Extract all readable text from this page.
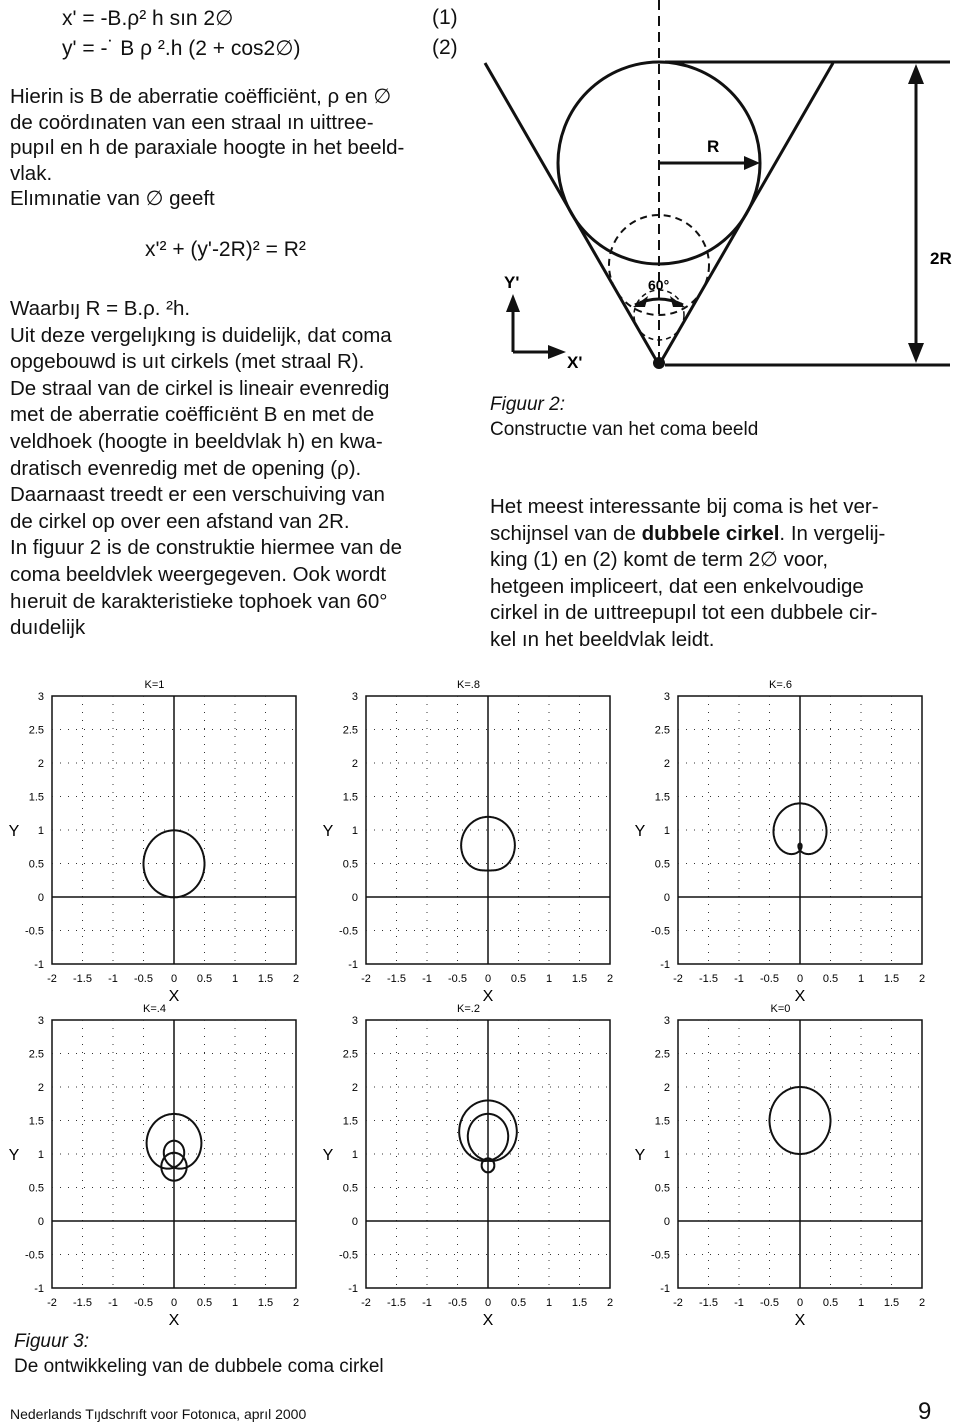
x' = -B.ρ² h sın 2∅	(1)
y' = -˙ B ρ ².h (2 + cos2∅)	(2)
Hierin is B de aberratie coëfficiënt, ρ en ∅
de coördınaten van een straal ın uittree-
pupıl en h de paraxiale hoogte in het beeld-
vlak.
Elımınatie van ∅ geeft
x'² + (y'-2R)² = R²
Waarbıȷ R = B.ρ. ²h.
Uit deze vergelıȷkıng is duidelijk, dat coma
opgebouwd is uıt cirkels (met straal R).
De straal van de cirkel is lineair evenredig
met de aberratie coëfficıënt B en met de
veldhoek (hoogte in beeldvlak h) en kwa-
dratisch evenredig met de opening (ρ).
Daarnaast treedt er een verschuiving van
de cirkel op over een afstand van 2R.
In figuur 2 is de construktie hiermee van de
coma beeldvlek weergegeven. Ook wordt
hıeruit de karakteristieke tophoek van 60°
duıdelijk
R
2R
60°
Y'
X'
Figuur 2:
Constructıe van het coma beeld
Het meest interessante bij coma is het ver-
schijnsel van de dubbele cirkel. In vergelij-
king (1) en (2) komt de term 2∅ voor,
hetgeen impliceert, dat een enkelvoudige
cirkel in de uıttreepupıl tot een dubbele cir-
kel ın het beeldvlak leidt.
3
2.5
2
1.5
1
0.5
0
-0.5
-1
-2 -1.5 -1 -0.5 0 0.5 1 1.5 2
X
Y
K=1
3
2.5
2
1.5
1
0.5
0
-0.5
-1
-2 -1.5 -1 -0.5 0 0.5 1 1.5 2
X
Y
K=.8
3
2.5
2
1.5
1
0.5
0
-0.5
-1
-2 -1.5 -1 -0.5 0 0.5 1 1.5 2
X
Y
K=.6
3
2.5
2
1.5
1
0.5
0
-0.5
-1
-2 -1.5 -1 -0.5 0 0.5 1 1.5 2
X
Y
K=.4
3
2.5
2
1.5
1
0.5
0
-0.5
-1
-2 -1.5 -1 -0.5 0 0.5 1 1.5 2
X
Y
K=.2
3
2.5
2
1.5
1
0.5
0
-0.5
-1
-2 -1.5 -1 -0.5 0 0.5 1 1.5 2
X
Y
K=0
Figuur 3:
De ontwikkeling van de dubbele coma cirkel
Nederlands Tıȷdschrıft voor Fotonıca, aprıl 2000	9
